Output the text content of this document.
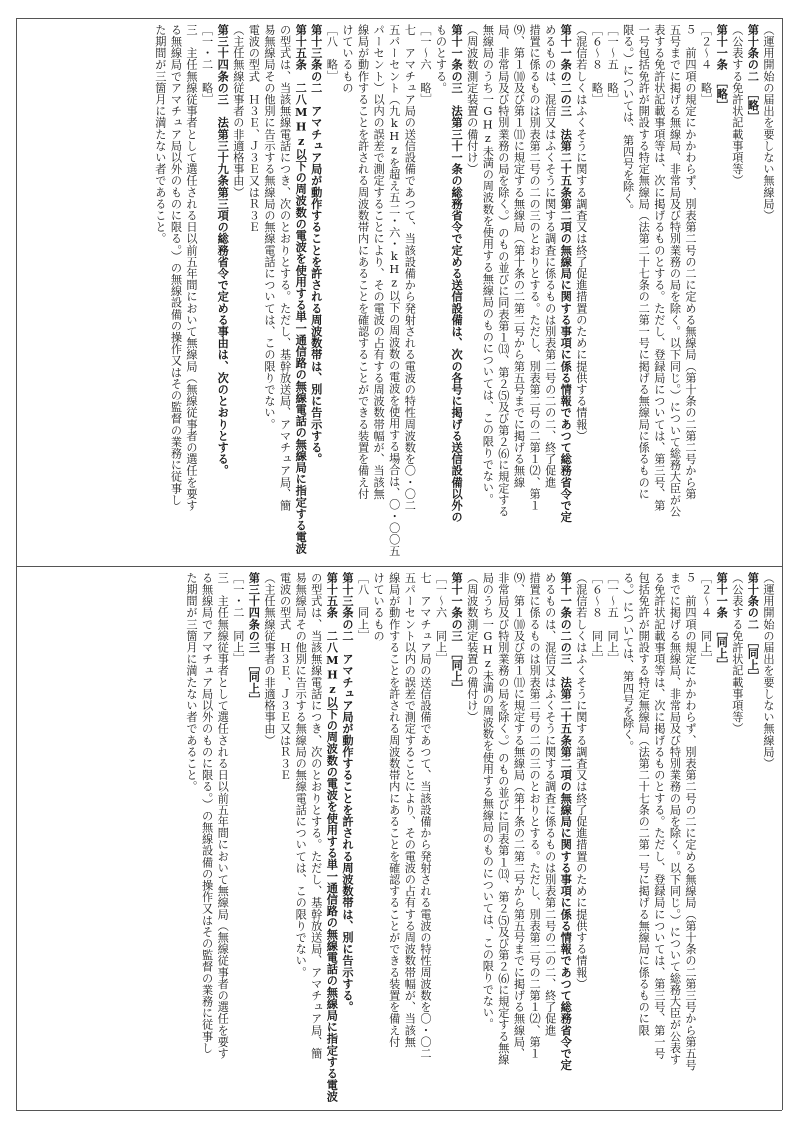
（運用開始の届出を要しない無線局）
第十条の二　［略］
（公表する免許状記載事項等）
第十一条　［略］
［２～４　略］
５　前四項の規定にかかわらず、別表第二号の二に定める無線局（第十条の二第二号から第
五号までに掲げる無線局、非常局及び特別業務の局を除く。以下同じ。）について総務大臣が公
表する免許状記載事項等は、次に掲げるものとする。ただし、登録局については、第三号、第
一号包括免許が開設する特定無線局（法第二十七条の二第一号に掲げる無線局に係るものに
限る。）については、第四号を除く。
［一～五　略］
［６～８　略］
（混信若しくはふくそうに関する調査又は終了促進措置のために提供する情報）
第十一条の二の三　法第二十五条第二項の無線局に関する事項に係る情報であつて総務省令で定
めるものは、混信又はふくそうに関する調査に係るものは別表第二号の二の二、終了促進
措置に係るものは別表第二号の二の三のとおりとする。ただし、別表第二号の二第１⑵、第１
⑼、第１⑽及び第１⑾に規定する無線局（第十条の二第二号から第五号までに掲げる無線
局、非常局及び特別業務の局を除く。）のもの並びに同表第１⒀、第２⑸及び第２⑹に規定する
無線局のうち一GHz未満の周波数を使用する無線局のものについては、この限りでない。
（周波数測定装置の備付け）
第十一条の三　法第三十一条の総務省令で定める送信設備は、次の各号に掲げる送信設備以外の
ものとする。
［一～六　略］
七　アマチュア局の送信設備であつて、当該設備から発射される電波の特性周波数を〇・〇二
五パーセント（九kHzを超え五二・六・kHz以下の周波数の電波を使用する場合は、〇・〇〇五
パーセント）以内の誤差で測定することにより、その電波の占有する周波数帯幅が、当該無
線局が動作することを許される周波数帯内にあることを確認することができる装置を備え付
けているもの
［八　略］
第十三条の二　アマチュア局が動作することを許される周波数帯は、別に告示する。
第十五条　二八MHz以下の周波数の電波を使用する単一通信路の無線電話の無線局に指定する電波
の型式は、当該無線電話につき、次のとおりとする。ただし、基幹放送局、アマチュア局、簡
易無線局その他別に告示する無線局の無線電話については、この限りでない。
電波の型式　Ｈ３Ｅ、Ｊ３Ｅ又はＲ３Ｅ
（主任無線従事者の非適格事由）
第三十四条の三　法第三十九条第三項の総務省令で定める事由は、次のとおりとする。
［一・二　略］
三　主任無線従事者として選任される日以前五年間において無線局（無線従事者の選任を要す
る無線局でアマチュア局以外のものに限る。）の無線設備の操作又はその監督の業務に従事し
た期間が三箇月に満たない者であること。
（運用開始の届出を要しない無線局）
第十条の二　［同上］
（公表する免許状記載事項等）
第十一条　［同上］
［２～４　同上］
５　前四項の規定にかかわらず、別表第二号の二に定める無線局（第十条の二第三号から第五号
までに掲げる無線局、非常局及び特別業務の局を除く。以下同じ。）について総務大臣が公表す
る免許状記載事項等は、次に掲げるものとする。ただし、登録局については、第三号、第一号
包括免許が開設する特定無線局（法第二十七条の二第一号に掲げる無線局に係るものに限
る。）については、第四号を除く。
［一～五　同上］
［６～８　同上］
（混信若しくはふくそうに関する調査又は終了促進措置のために提供する情報）
第十一条の二の三　法第二十五条第二項の無線局に関する事項に係る情報であつて総務省令で定
めるものは、混信又はふくそうに関する調査に係るものは別表第二号の二の二、終了促進
措置に係るものは別表第二号の二の三のとおりとする。ただし、別表第二号の二第１⑵、第１
⑼、第１⑽及び第１⑾に規定する無線局（第十条の二第二号から第五号までに掲げる無線局、
非常局及び特別業務の局を除く。）のもの並びに同表第１⒀、第２⑸及び第２⑹に規定する無線
局のうち一GHz未満の周波数を使用する無線局のものについては、この限りでない。
（周波数測定装置の備付け）
第十一条の三　［同上］
［一～六　同上］
七　アマチュア局の送信設備であつて、当該設備から発射される電波の特性周波数を〇・〇二
五パーセント以内の誤差で測定することにより、その電波の占有する周波数帯幅が、当該無
線局が動作することを許される周波数帯内にあることを確認することができる装置を備え付
けているもの
［八　同上］
第十三条の二　アマチュア局が動作することを許される周波数帯は、別に告示する。
第十五条　二八MHz以下の周波数の電波を使用する単一通信路の無線電話の無線局に指定する電波
の型式は、当該無線電話につき、次のとおりとする。ただし、基幹放送局、アマチュア局、簡
易無線局その他別に告示する無線局の無線電話については、この限りでない。
電波の型式　Ｈ３Ｅ、Ｊ３Ｅ又はＲ３Ｅ
（主任無線従事者の非適格事由）
第三十四条の三　［同上］
［一・二　同上］
三　主任無線従事者として選任される日以前五年間において無線局（無線従事者の選任を要す
る無線局でアマチュア局以外のものに限る。）の無線設備の操作又はその監督の業務に従事し
た期間が三箇月に満たない者であること。
